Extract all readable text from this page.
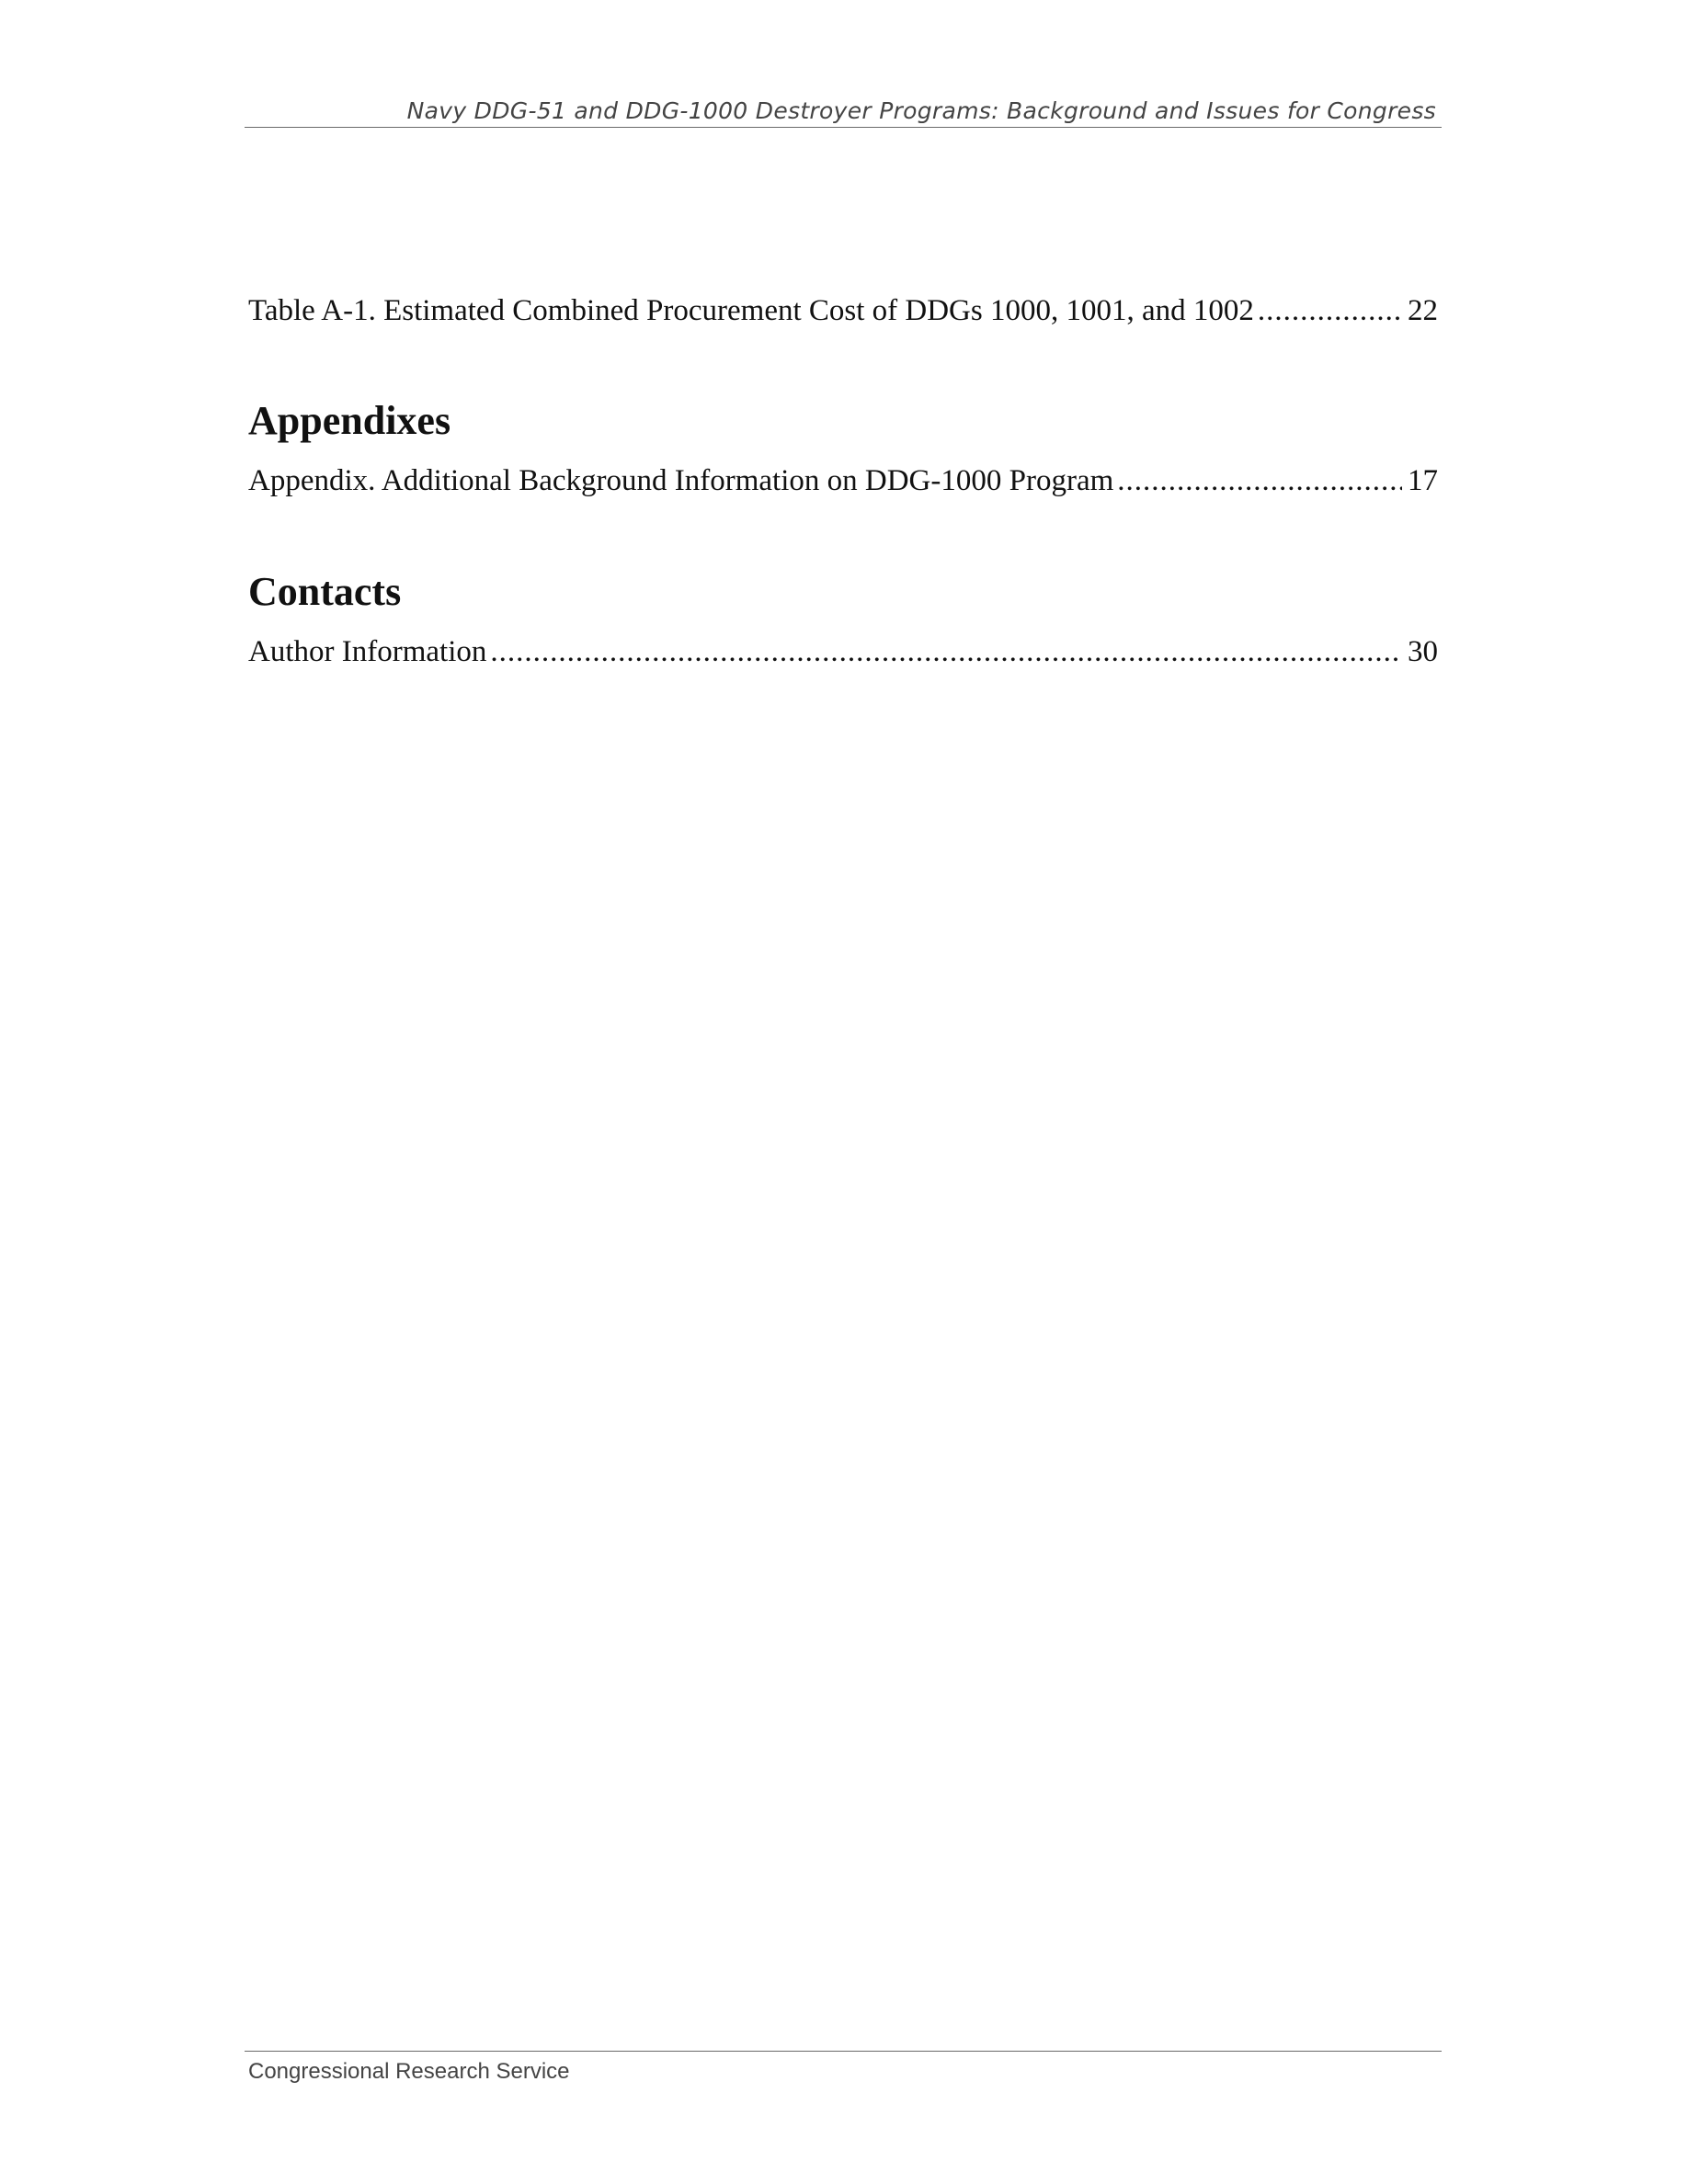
Navy DDG-51 and DDG-1000 Destroyer Programs: Background and Issues for Congress
Table A-1. Estimated Combined Procurement Cost of DDGs 1000, 1001, and 1002 .....	22
Appendixes
Appendix. Additional Background Information on DDG-1000 Program .....	17
Contacts
Author Information .....	30
Congressional Research Service
